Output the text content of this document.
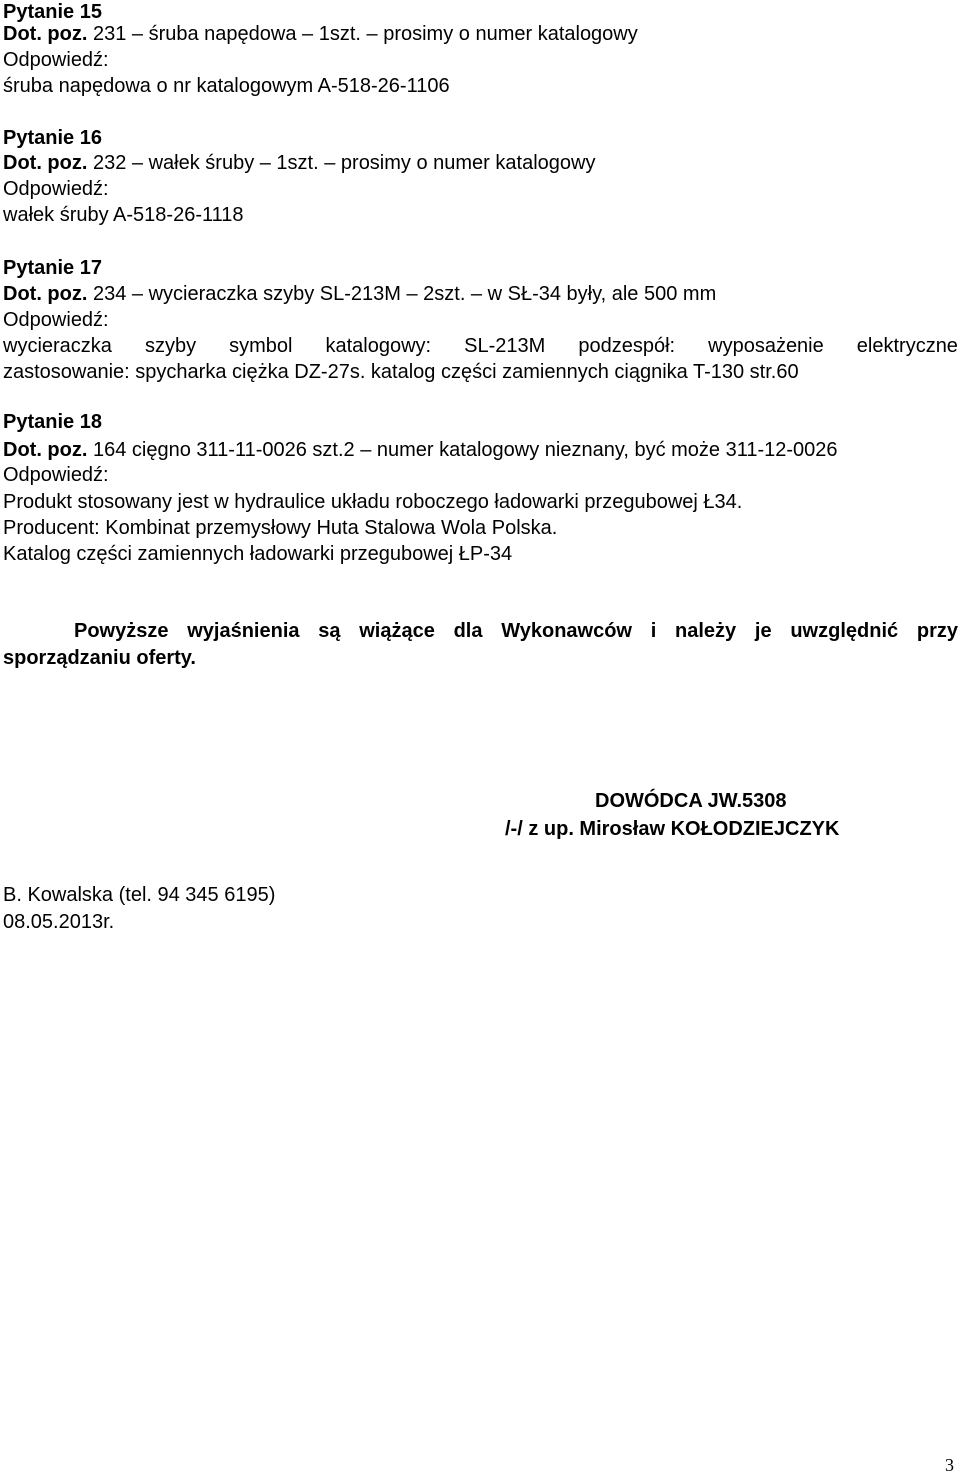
Pytanie 15
Dot. poz. 231 – śruba napędowa – 1szt. – prosimy o numer katalogowy
Odpowiedź:
śruba napędowa o nr katalogowym A-518-26-1106
Pytanie 16
Dot. poz. 232 – wałek śruby – 1szt. – prosimy o numer katalogowy
Odpowiedź:
wałek śruby A-518-26-1118
Pytanie 17
Dot. poz. 234 – wycieraczka szyby SL-213M – 2szt. – w SŁ-34 były, ale 500 mm
Odpowiedź:
wycieraczka szyby symbol katalogowy: SL-213M podzespół: wyposażenie elektryczne
zastosowanie: spycharka ciężka DZ-27s. katalog części zamiennych ciągnika T-130 str.60
Pytanie 18
Dot. poz. 164 cięgno 311-11-0026 szt.2 – numer katalogowy nieznany, być może 311-12-0026
Odpowiedź:
Produkt stosowany jest w hydraulice układu roboczego ładowarki przegubowej Ł34.
Producent: Kombinat przemysłowy Huta Stalowa Wola Polska.
Katalog części zamiennych ładowarki przegubowej ŁP-34
Powyższe wyjaśnienia są wiążące dla Wykonawców i należy je uwzględnić przy sporządzaniu oferty.
DOWÓDCA JW.5308
/-/ z up. Mirosław KOŁODZIEJCZYK
B. Kowalska (tel. 94 345 6195)
08.05.2013r.
3
